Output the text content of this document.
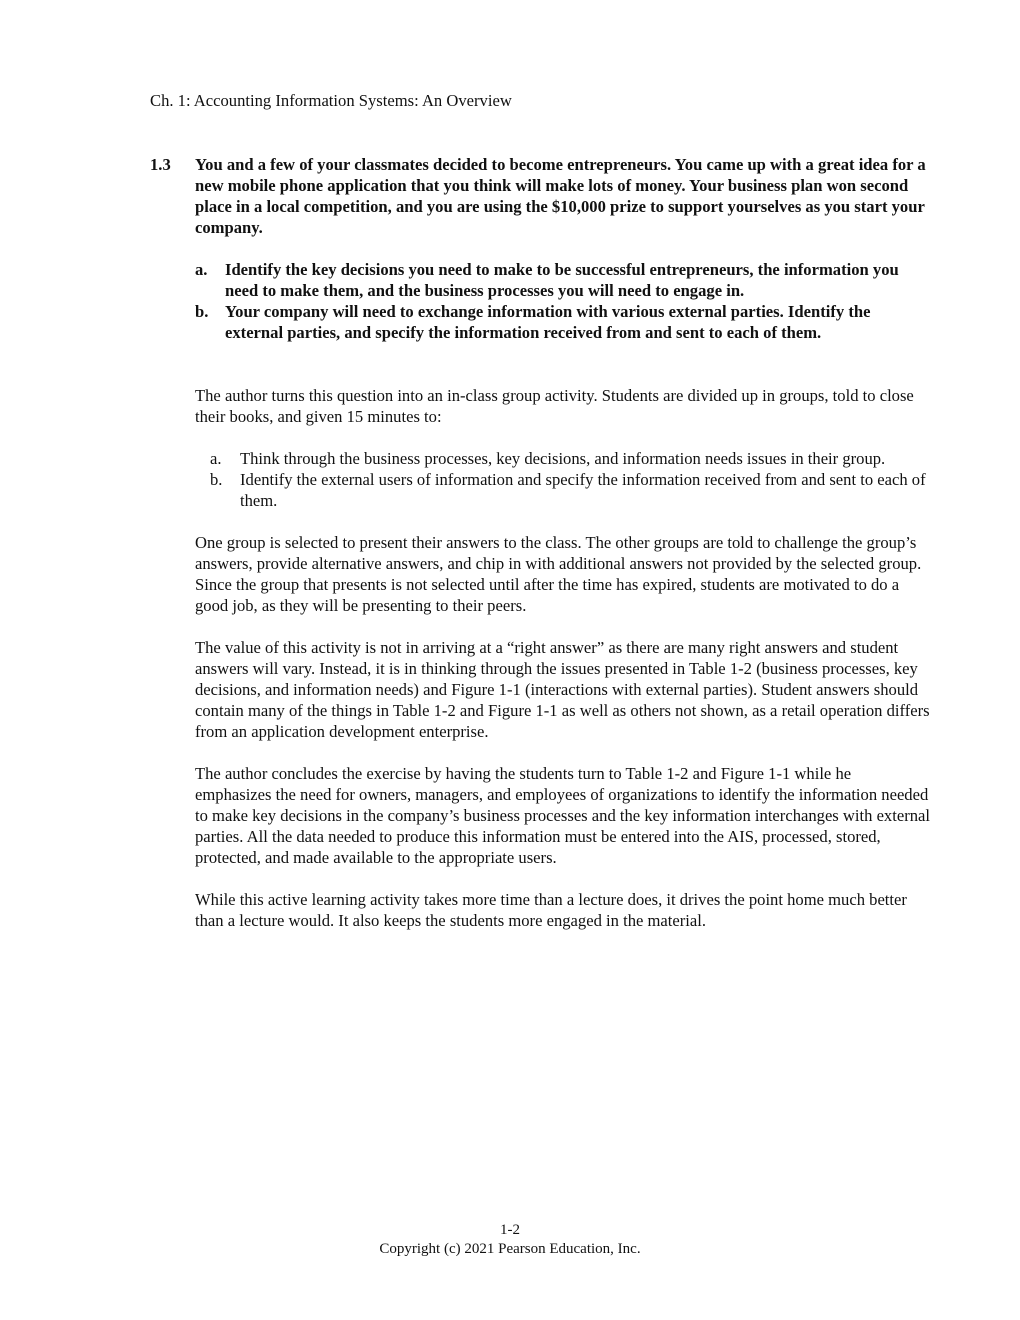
Ch. 1: Accounting Information Systems: An Overview
1.3 You and a few of your classmates decided to become entrepreneurs. You came up with a great idea for a new mobile phone application that you think will make lots of money. Your business plan won second place in a local competition, and you are using the $10,000 prize to support yourselves as you start your company.
a. Identify the key decisions you need to make to be successful entrepreneurs, the information you need to make them, and the business processes you will need to engage in.
b. Your company will need to exchange information with various external parties. Identify the external parties, and specify the information received from and sent to each of them.

The author turns this question into an in-class group activity. Students are divided up in groups, told to close their books, and given 15 minutes to:

a. Think through the business processes, key decisions, and information needs issues in their group.
b. Identify the external users of information and specify the information received from and sent to each of them.

One group is selected to present their answers to the class. The other groups are told to challenge the group’s answers, provide alternative answers, and chip in with additional answers not provided by the selected group. Since the group that presents is not selected until after the time has expired, students are motivated to do a good job, as they will be presenting to their peers.

The value of this activity is not in arriving at a “right answer” as there are many right answers and student answers will vary. Instead, it is in thinking through the issues presented in Table 1-2 (business processes, key decisions, and information needs) and Figure 1-1 (interactions with external parties). Student answers should contain many of the things in Table 1-2 and Figure 1-1 as well as others not shown, as a retail operation differs from an application development enterprise.

The author concludes the exercise by having the students turn to Table 1-2 and Figure 1-1 while he emphasizes the need for owners, managers, and employees of organizations to identify the information needed to make key decisions in the company’s business processes and the key information interchanges with external parties. All the data needed to produce this information must be entered into the AIS, processed, stored, protected, and made available to the appropriate users.

While this active learning activity takes more time than a lecture does, it drives the point home much better than a lecture would. It also keeps the students more engaged in the material.

1-2
Copyright (c) 2021 Pearson Education, Inc.
